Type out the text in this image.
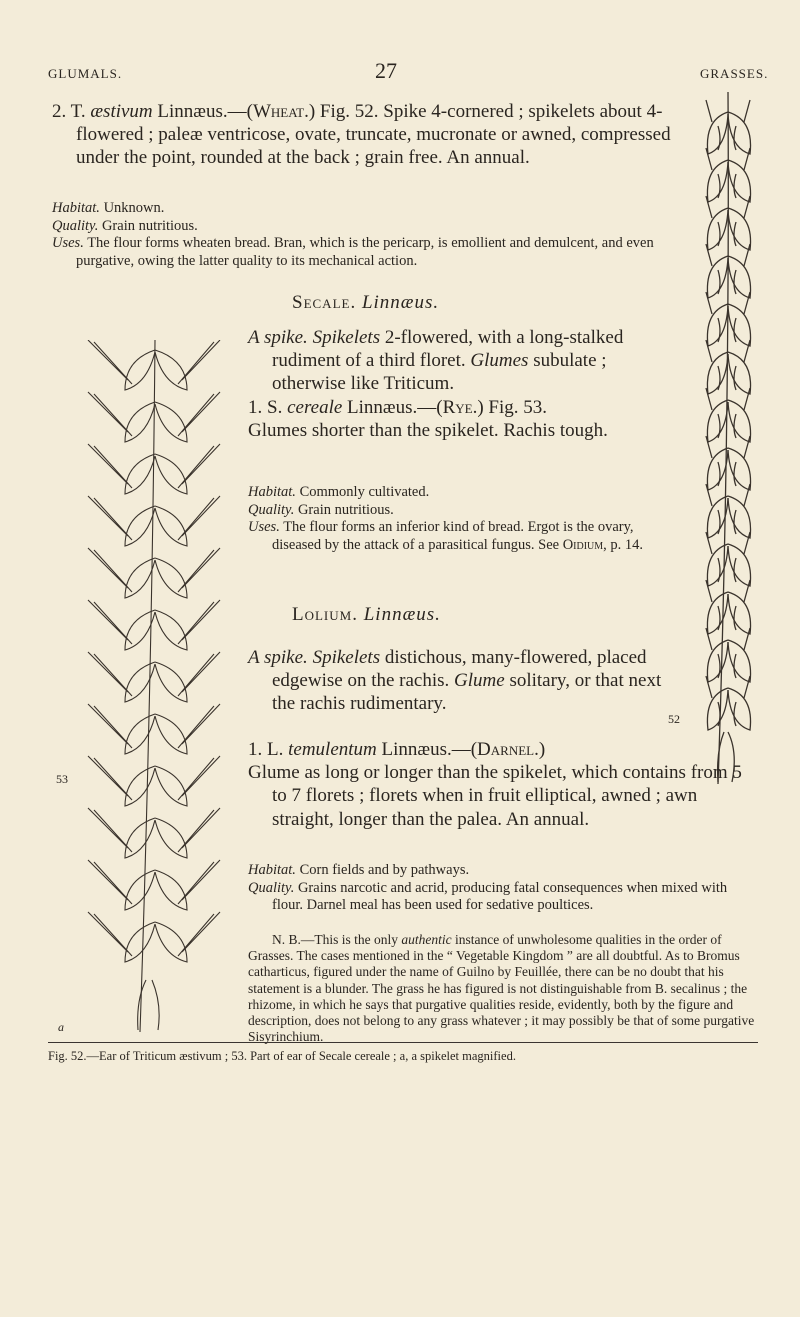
GLUMALS.	27	GRASSES.
53
a
52
2. T. æstivum Linnæus.—(Wheat.) Fig. 52. Spike 4-cornered ; spikelets about 4-flowered ; paleæ ventricose, ovate, truncate, mucronate or awned, compressed under the point, rounded at the back ; grain free. An annual.

Habitat. Unknown.

Quality. Grain nutritious.

Uses. The flour forms wheaten bread. Bran, which is the pericarp, is emollient and demulcent, and even purgative, owing the latter quality to its mechanical action.

Secale. Linnæus.

A spike. Spikelets 2-flowered, with a long-stalked rudiment of a third floret. Glumes subulate ; otherwise like Triticum.

1. S. cereale Linnæus.—(Rye.) Fig. 53.

Glumes shorter than the spikelet. Rachis tough.

Habitat. Commonly cultivated.

Quality. Grain nutritious.

Uses. The flour forms an inferior kind of bread. Ergot is the ovary, diseased by the attack of a parasitical fungus. See Oidium, p. 14.

Lolium. Linnæus.

A spike. Spikelets distichous, many-flowered, placed edgewise on the rachis. Glume solitary, or that next the rachis rudimentary.

1. L. temulentum Linnæus.—(Darnel.)

Glume as long or longer than the spikelet, which contains from 5 to 7 florets ; florets when in fruit elliptical, awned ; awn straight, longer than the palea. An annual.

Habitat. Corn fields and by pathways.

Quality. Grains narcotic and acrid, producing fatal consequences when mixed with flour. Darnel meal has been used for sedative poultices.

N. B.—This is the only authentic instance of unwholesome qualities in the order of Grasses. The cases mentioned in the “ Vegetable Kingdom ” are all doubtful. As to Bromus catharticus, figured under the name of Guilno by Feuillée, there can be no doubt that his statement is a blunder. The grass he has figured is not distinguishable from B. secalinus ; the rhizome, in which he says that purgative qualities reside, evidently, both by the figure and description, does not belong to any grass whatever ; it may possibly be that of some purgative Sisyrinchium.

Fig. 52.—Ear of Triticum æstivum ; 53. Part of ear of Secale cereale ; a, a spikelet magnified.
